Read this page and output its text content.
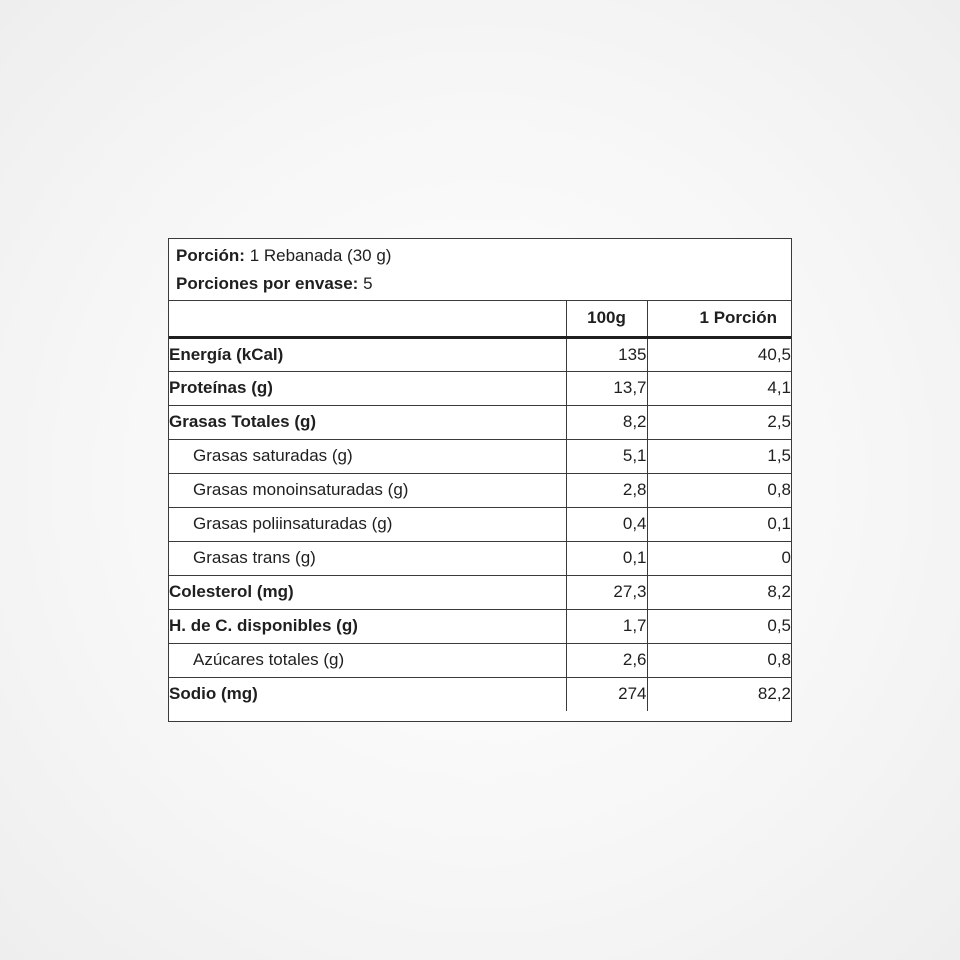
Porción: 1 Rebanada (30 g)
Porciones por envase: 5
	100g	1 Porción
Energía (kCal)	135	40,5
Proteínas (g)	13,7	4,1
Grasas Totales (g)	8,2	2,5
Grasas saturadas (g)	5,1	1,5
Grasas monoinsaturadas (g)	2,8	0,8
Grasas poliinsaturadas (g)	0,4	0,1
Grasas trans (g)	0,1	0
Colesterol (mg)	27,3	8,2
H. de C. disponibles (g)	1,7	0,5
Azúcares totales (g)	2,6	0,8
Sodio (mg)	274	82,2
